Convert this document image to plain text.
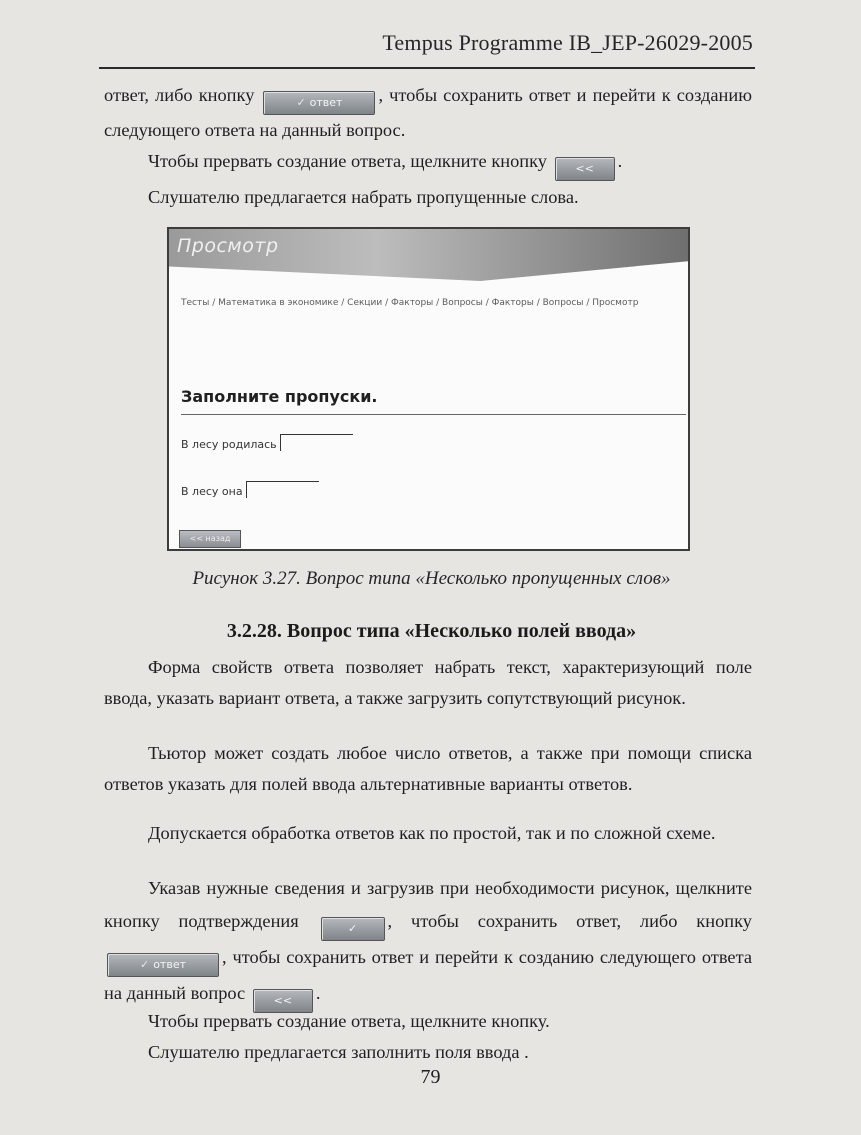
Tempus Programme IB_JEP-26029-2005

ответ, либо кнопку	✓ ответ , чтобы сохранить ответ и перейти к созданию следующего ответа на данный вопрос.

Чтобы прервать создание ответа, щелкните кнопку	<< .

Слушателю предлагается набрать пропущенные слова.

Просмотр
Тесты / Математика в экономике / Секции / Факторы / Вопросы / Факторы / Вопросы / Просмотр
Заполните пропуски.
В лесу родилась
В лесу она
<< назад
Рисунок 3.27. Вопрос типа «Несколько пропущенных слов»
3.2.28. Вопрос типа «Несколько полей ввода»

Форма свойств ответа позволяет набрать текст, характеризующий поле ввода, указать вариант ответа, а также загрузить сопутствующий рисунок.

Тьютор может создать любое число ответов, а также при помощи списка ответов указать для полей ввода альтернативные варианты ответов.

Допускается обработка ответов как по простой, так и по сложной схеме.

Указав нужные сведения и загрузив при необходимости рисунок, щелкните кнопку подтверждения	✓ , чтобы сохранить ответ, либо кнопку ✓ ответ , чтобы сохранить ответ и перейти к созданию следующего ответа на данный вопрос	<< .

Чтобы прервать создание ответа, щелкните кнопку.

Слушателю предлагается заполнить поля ввода .

79
